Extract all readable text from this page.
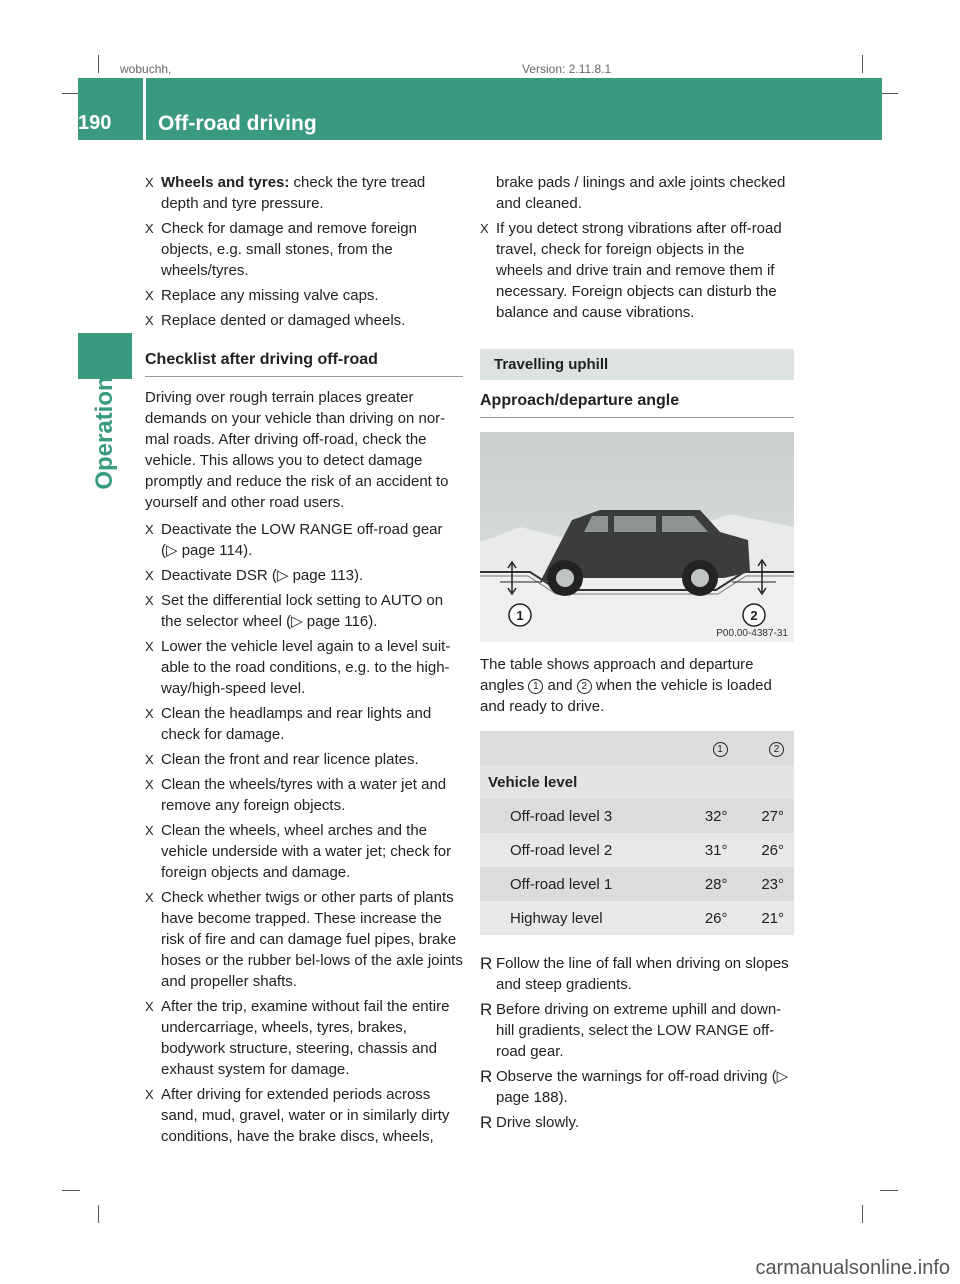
wobuchh,	Version: 2.11.8.1
190 Off-road driving
Operation
X Wheels and tyres: check the tyre tread depth and tyre pressure.
X Check for damage and remove foreign objects, e.g. small stones, from the wheels/tyres.
X Replace any missing valve caps.
X Replace dented or damaged wheels.
Checklist after driving off-road

Driving over rough terrain places greater demands on your vehicle than driving on nor-mal roads. After driving off-road, check the vehicle. This allows you to detect damage promptly and reduce the risk of an accident to yourself and other road users.

X Deactivate the LOW RANGE off-road gear (▷ page 114).
X Deactivate DSR (▷ page 113).
X Set the differential lock setting to AUTO on the selector wheel (▷ page 116).
X Lower the vehicle level again to a level suit-able to the road conditions, e.g. to the high-way/high-speed level.
X Clean the headlamps and rear lights and check for damage.
X Clean the front and rear licence plates.
X Clean the wheels/tyres with a water jet and remove any foreign objects.
X Clean the wheels, wheel arches and the vehicle underside with a water jet; check for foreign objects and damage.
X Check whether twigs or other parts of plants have become trapped. These increase the risk of fire and can damage fuel pipes, brake hoses or the rubber bel-lows of the axle joints and propeller shafts.
X After the trip, examine without fail the entire undercarriage, wheels, tyres, brakes, bodywork structure, steering, chassis and exhaust system for damage.
X After driving for extended periods across sand, mud, gravel, water or in similarly dirty conditions, have the brake discs, wheels,
brake pads / linings and axle joints checked and cleaned.
X If you detect strong vibrations after off-road travel, check for foreign objects in the wheels and drive train and remove them if necessary. Foreign objects can disturb the balance and cause vibrations.
Travelling uphill
Approach/departure angle
1	2
P00.00-4387-31

The table shows approach and departure angles 1 and 2 when the vehicle is loaded and ready to drive.

	1	2
Vehicle level		
Off-road level 3	32°	27°
Off-road level 2	31°	26°
Off-road level 1	28°	23°
Highway level	26°	21°
R Follow the line of fall when driving on slopes and steep gradients.
R Before driving on extreme uphill and down-hill gradients, select the LOW RANGE off-road gear.
R Observe the warnings for off-road driving (▷ page 188).
R Drive slowly.
carmanualsonline.info
